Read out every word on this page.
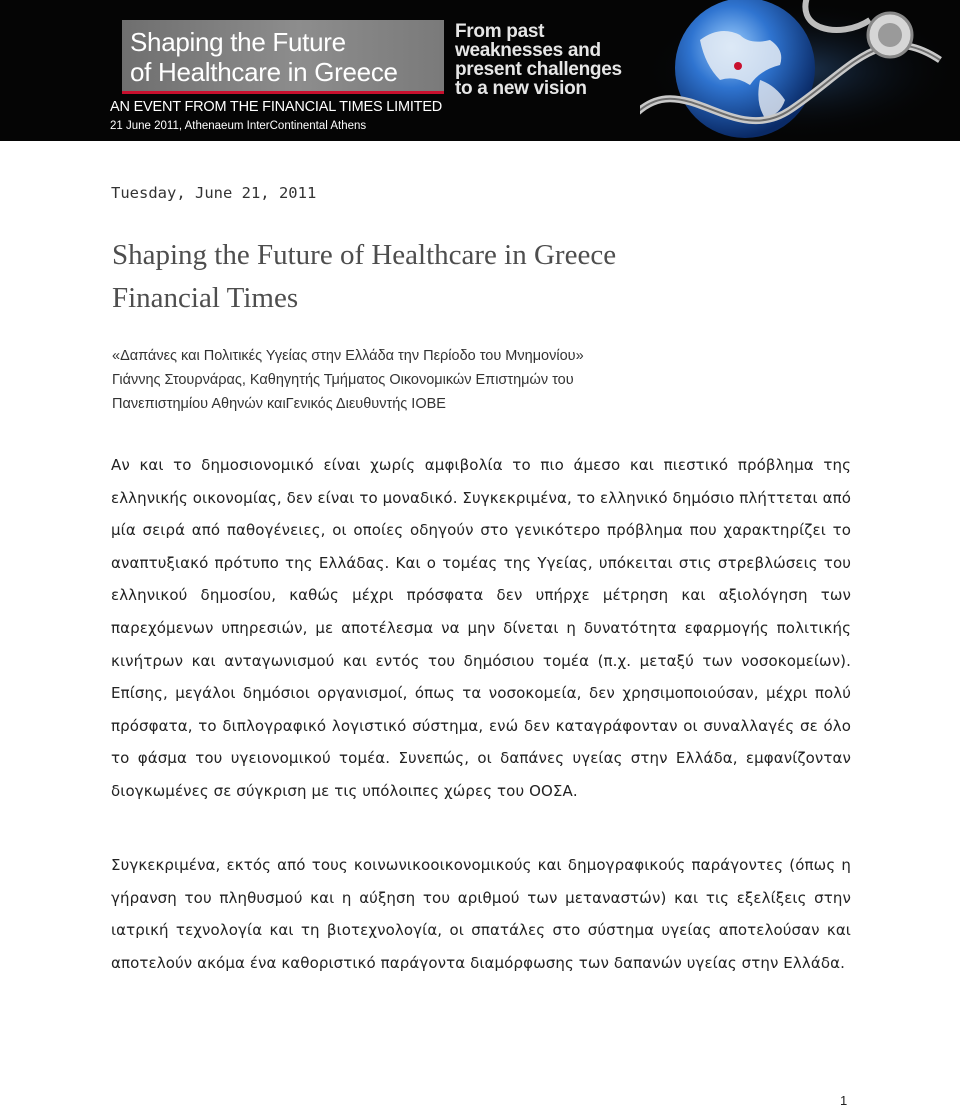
Shaping the Future
of Healthcare in Greece
AN EVENT FROM THE FINANCIAL TIMES LIMITED
21 June 2011, Athenaeum InterContinental Athens
From past
weaknesses and
present challenges
to a new vision
Tuesday, June 21, 2011
Shaping the Future of Healthcare in Greece
Financial Times
«Δαπάνες και Πολιτικές Υγείας στην Ελλάδα την Περίοδο του Μνημονίου»
Γιάννης Στουρνάρας, Καθηγητής Τμήματος Οικονομικών Επιστημών του
Πανεπιστημίου Αθηνών καιΓενικός Διευθυντής ΙΟΒΕ
Αν και το δημοσιονομικό είναι χωρίς αμφιβολία το πιο άμεσο και πιεστικό πρόβλημα της ελληνικής οικονομίας, δεν είναι το μοναδικό. Συγκεκριμένα, το ελληνικό δημόσιο πλήττεται από μία σειρά από παθογένειες, οι οποίες οδηγούν στο γενικότερο πρόβλημα που χαρακτηρίζει το αναπτυξιακό πρότυπο της Ελλάδας. Και ο τομέας της Υγείας, υπόκειται στις στρεβλώσεις του ελληνικού δημοσίου, καθώς μέχρι πρόσφατα δεν υπήρχε μέτρηση και αξιολόγηση των παρεχόμενων υπηρεσιών, με αποτέλεσμα να μην δίνεται η δυνατότητα εφαρμογής πολιτικής κινήτρων και ανταγωνισμού και εντός του δημόσιου τομέα (π.χ. μεταξύ των νοσοκομείων). Επίσης, μεγάλοι δημόσιοι οργανισμοί, όπως τα νοσοκομεία, δεν χρησιμοποιούσαν, μέχρι πολύ πρόσφατα, το διπλογραφικό λογιστικό σύστημα, ενώ δεν καταγράφονταν οι συναλλαγές σε όλο το φάσμα του υγειονομικού τομέα. Συνεπώς, οι δαπάνες υγείας στην Ελλάδα, εμφανίζονταν διογκωμένες σε σύγκριση με τις υπόλοιπες χώρες του ΟΟΣΑ.
Συγκεκριμένα, εκτός από τους κοινωνικοοικονομικούς και δημογραφικούς παράγοντες (όπως η γήρανση του πληθυσμού και η αύξηση του αριθμού των μεταναστών) και τις εξελίξεις στην ιατρική τεχνολογία και τη βιοτεχνολογία, οι σπατάλες στο σύστημα υγείας αποτελούσαν και αποτελούν ακόμα ένα καθοριστικό παράγοντα διαμόρφωσης των δαπανών υγείας στην Ελλάδα.
1
